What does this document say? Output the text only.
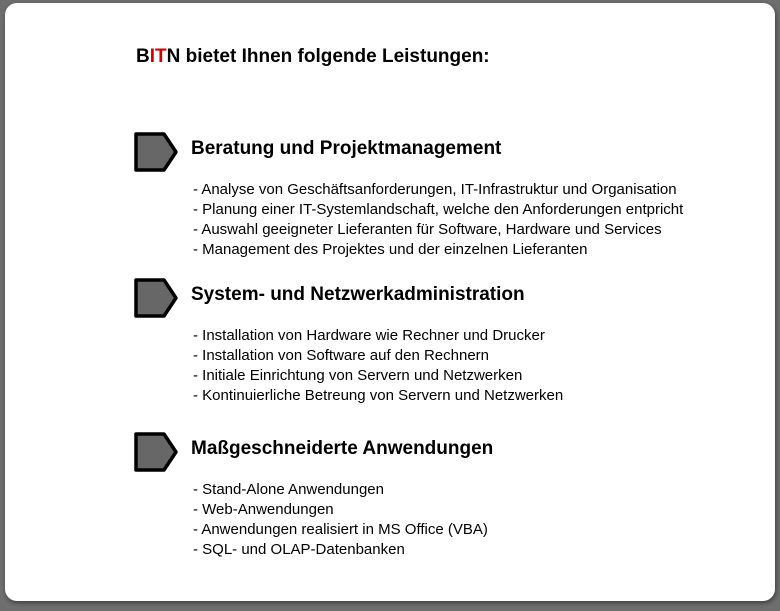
BITN bietet Ihnen folgende Leistungen:
Beratung und Projektmanagement
- Analyse von Geschäftsanforderungen, IT-Infrastruktur und Organisation
- Planung einer IT-Systemlandschaft, welche den Anforderungen entpricht
- Auswahl geeigneter Lieferanten für Software, Hardware und Services
- Management des Projektes und der einzelnen Lieferanten
System- und Netzwerkadministration
- Installation von Hardware wie Rechner und Drucker
- Installation von Software auf den Rechnern
- Initiale Einrichtung von Servern und Netzwerken
- Kontinuierliche Betreung von Servern und Netzwerken
Maßgeschneiderte Anwendungen
- Stand-Alone Anwendungen
- Web-Anwendungen
- Anwendungen realisiert in MS Office (VBA)
- SQL- und OLAP-Datenbanken
